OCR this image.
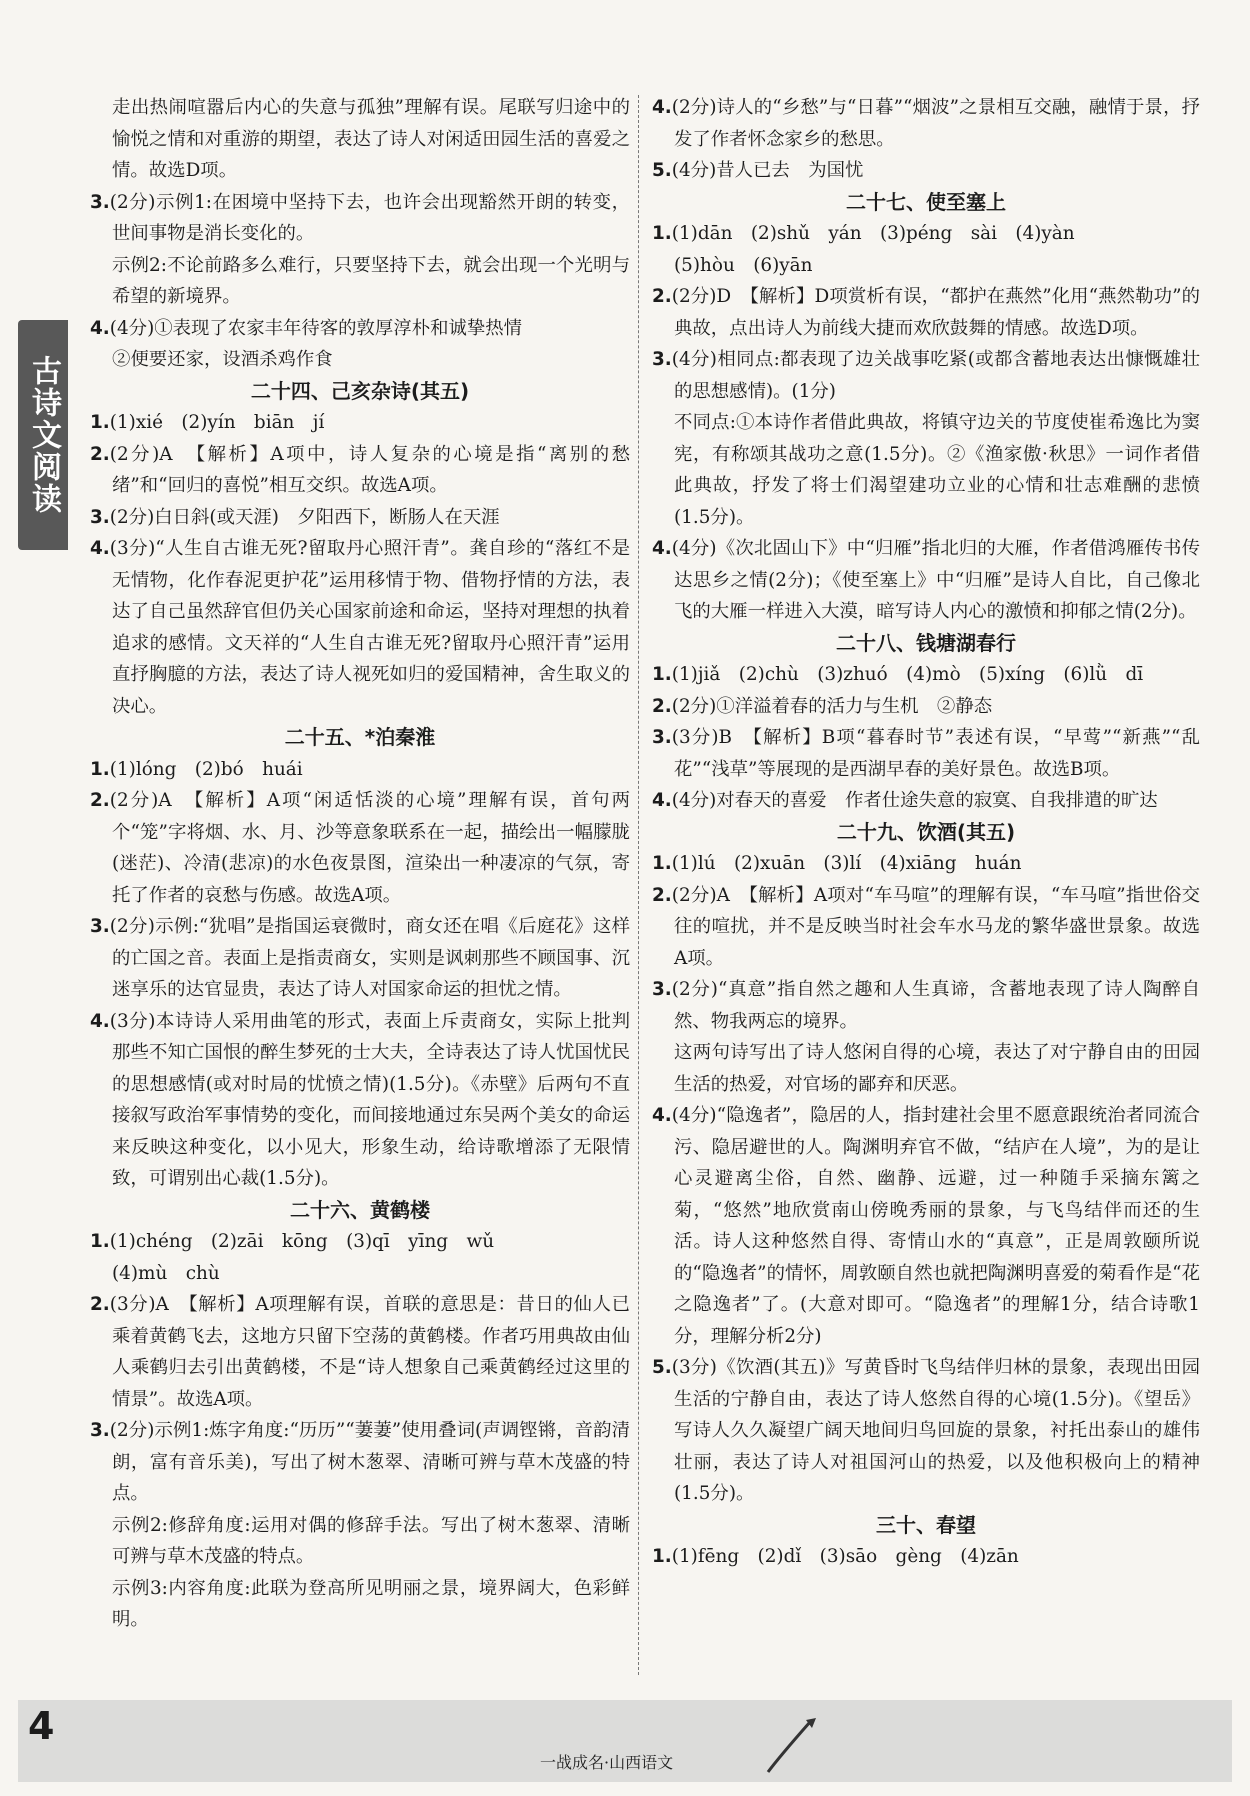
古诗文阅读

走出热闹喧嚣后内心的失意与孤独”理解有误。尾联写归途中的愉悦之情和对重游的期望，表达了诗人对闲适田园生活的喜爱之情。故选D项。

3.(2分)示例1:在困境中坚持下去，也许会出现豁然开朗的转变，世间事物是消长变化的。

示例2:不论前路多么难行，只要坚持下去，就会出现一个光明与希望的新境界。

4.(4分)①表现了农家丰年待客的敦厚淳朴和诚挚热情

②便要还家，设酒杀鸡作食

二十四、己亥杂诗(其五)

1.(1)xié　(2)yín　biān　jí

2.(2分)A　【解析】A项中，诗人复杂的心境是指“离别的愁绪”和“回归的喜悦”相互交织。故选A项。

3.(2分)白日斜(或天涯)　夕阳西下，断肠人在天涯

4.(3分)“人生自古谁无死?留取丹心照汗青”。龚自珍的“落红不是无情物，化作春泥更护花”运用移情于物、借物抒情的方法，表达了自己虽然辞官但仍关心国家前途和命运，坚持对理想的执着追求的感情。文天祥的“人生自古谁无死?留取丹心照汗青”运用直抒胸臆的方法，表达了诗人视死如归的爱国精神，舍生取义的决心。

二十五、*泊秦淮

1.(1)lóng　(2)bó　huái

2.(2分)A　【解析】A项“闲适恬淡的心境”理解有误，首句两个“笼”字将烟、水、月、沙等意象联系在一起，描绘出一幅朦胧(迷茫)、冷清(悲凉)的水色夜景图，渲染出一种凄凉的气氛，寄托了作者的哀愁与伤感。故选A项。

3.(2分)示例:“犹唱”是指国运衰微时，商女还在唱《后庭花》这样的亡国之音。表面上是指责商女，实则是讽刺那些不顾国事、沉迷享乐的达官显贵，表达了诗人对国家命运的担忧之情。

4.(3分)本诗诗人采用曲笔的形式，表面上斥责商女，实际上批判那些不知亡国恨的醉生梦死的士大夫，全诗表达了诗人忧国忧民的思想感情(或对时局的忧愤之情)(1.5分)。《赤壁》后两句不直接叙写政治军事情势的变化，而间接地通过东吴两个美女的命运来反映这种变化，以小见大，形象生动，给诗歌增添了无限情致，可谓别出心裁(1.5分)。

二十六、黄鹤楼

1.(1)chéng　(2)zāi　kōng　(3)qī　yīng　wǔ

(4)mù　chù

2.(3分)A　【解析】A项理解有误，首联的意思是：昔日的仙人已乘着黄鹤飞去，这地方只留下空荡的黄鹤楼。作者巧用典故由仙人乘鹤归去引出黄鹤楼，不是“诗人想象自己乘黄鹤经过这里的情景”。故选A项。

3.(2分)示例1:炼字角度:“历历”“萋萋”使用叠词(声调铿锵，音韵清朗，富有音乐美)，写出了树木葱翠、清晰可辨与草木茂盛的特点。

示例2:修辞角度:运用对偶的修辞手法。写出了树木葱翠、清晰可辨与草木茂盛的特点。

示例3:内容角度:此联为登高所见明丽之景，境界阔大，色彩鲜明。

4.(2分)诗人的“乡愁”与“日暮”“烟波”之景相互交融，融情于景，抒发了作者怀念家乡的愁思。

5.(4分)昔人已去　为国忧

二十七、使至塞上

1.(1)dān　(2)shǔ　yán　(3)péng　sài　(4)yàn

(5)hòu　(6)yān

2.(2分)D　【解析】D项赏析有误，“都护在燕然”化用“燕然勒功”的典故，点出诗人为前线大捷而欢欣鼓舞的情感。故选D项。

3.(4分)相同点:都表现了边关战事吃紧(或都含蓄地表达出慷慨雄壮的思想感情)。(1分)

不同点:①本诗作者借此典故，将镇守边关的节度使崔希逸比为窦宪，有称颂其战功之意(1.5分)。②《渔家傲·秋思》一词作者借此典故，抒发了将士们渴望建功立业的心情和壮志难酬的悲愤(1.5分)。

4.(4分)《次北固山下》中“归雁”指北归的大雁，作者借鸿雁传书传达思乡之情(2分)；《使至塞上》中“归雁”是诗人自比，自己像北飞的大雁一样进入大漠，暗写诗人内心的激愤和抑郁之情(2分)。

二十八、钱塘湖春行

1.(1)jiǎ　(2)chù　(3)zhuó　(4)mò　(5)xíng　(6)lǜ　dī

2.(2分)①洋溢着春的活力与生机　②静态

3.(3分)B　【解析】B项“暮春时节”表述有误，“早莺”“新燕”“乱花”“浅草”等展现的是西湖早春的美好景色。故选B项。

4.(4分)对春天的喜爱　作者仕途失意的寂寞、自我排遣的旷达

二十九、饮酒(其五)

1.(1)lú　(2)xuān　(3)lí　(4)xiāng　huán

2.(2分)A　【解析】A项对“车马喧”的理解有误，“车马喧”指世俗交往的喧扰，并不是反映当时社会车水马龙的繁华盛世景象。故选A项。

3.(2分)“真意”指自然之趣和人生真谛，含蓄地表现了诗人陶醉自然、物我两忘的境界。

这两句诗写出了诗人悠闲自得的心境，表达了对宁静自由的田园生活的热爱，对官场的鄙弃和厌恶。

4.(4分)“隐逸者”，隐居的人，指封建社会里不愿意跟统治者同流合污、隐居避世的人。陶渊明弃官不做，“结庐在人境”，为的是让心灵避离尘俗，自然、幽静、远避，过一种随手采摘东篱之菊，“悠然”地欣赏南山傍晚秀丽的景象，与飞鸟结伴而还的生活。诗人这种悠然自得、寄情山水的“真意”，正是周敦颐所说的“隐逸者”的情怀，周敦颐自然也就把陶渊明喜爱的菊看作是“花之隐逸者”了。(大意对即可。“隐逸者”的理解1分，结合诗歌1分，理解分析2分)

5.(3分)《饮酒(其五)》写黄昏时飞鸟结伴归林的景象，表现出田园生活的宁静自由，表达了诗人悠然自得的心境(1.5分)。《望岳》写诗人久久凝望广阔天地间归鸟回旋的景象，衬托出泰山的雄伟壮丽，表达了诗人对祖国河山的热爱，以及他积极向上的精神(1.5分)。

三十、春望

1.(1)fēng　(2)dǐ　(3)sāo　gèng　(4)zān

4
一战成名·山西语文
